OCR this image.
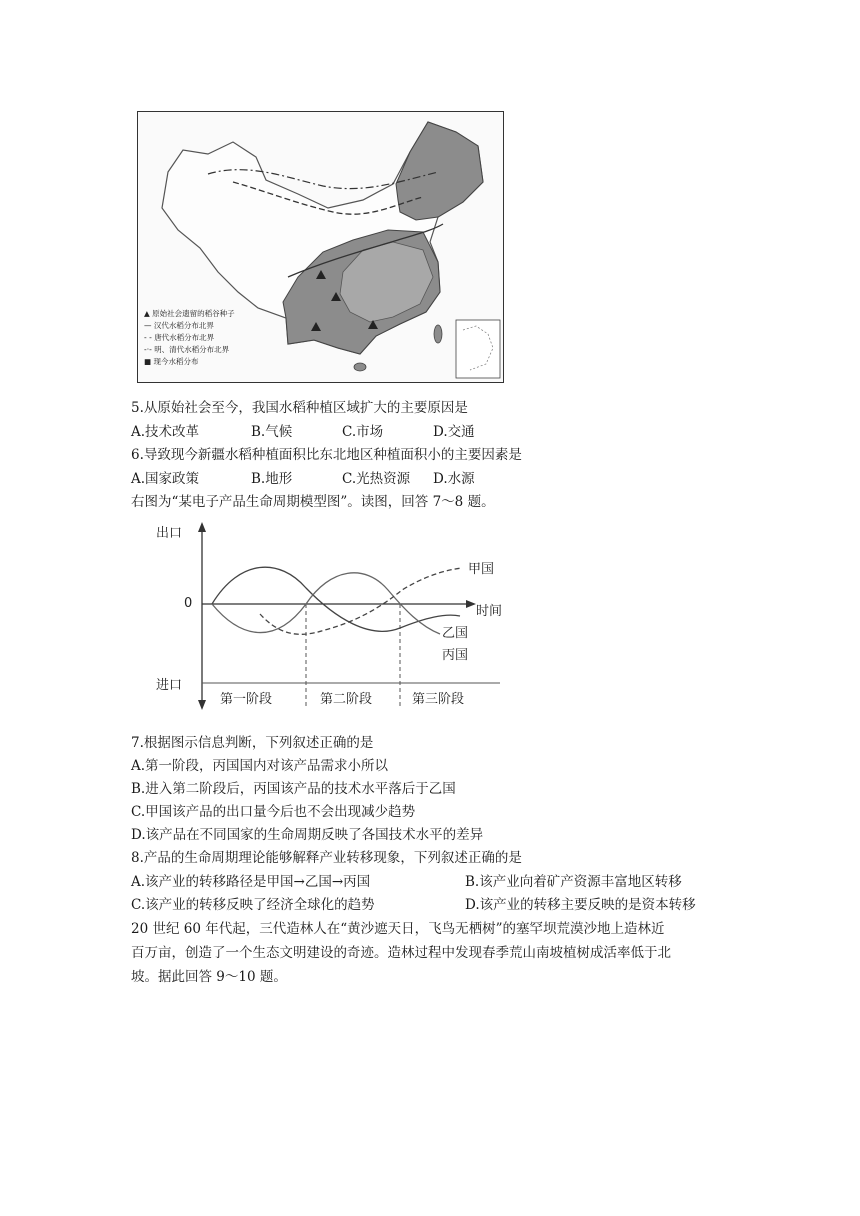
▲ 原始社会遗留的稻谷种子
— 汉代水稻分布北界
- - 唐代水稻分布北界
-·- 明、清代水稻分布北界
■ 现今水稻分布
5.从原始社会至今，我国水稻种植区域扩大的主要原因是
A.技术改革	B.气候	C.市场	D.交通
6.导致现今新疆水稻种植面积比东北地区种植面积小的主要因素是
A.国家政策	B.地形	C.光热资源 D.水源
右图为“某电子产品生命周期模型图”。读图，回答 7～8 题。
出口
进口
0
时间
甲国
乙国
丙国
第一阶段	第二阶段	第三阶段
7.根据图示信息判断，下列叙述正确的是
A.第一阶段，丙国国内对该产品需求小所以
B.进入第二阶段后，丙国该产品的技术水平落后于乙国
C.甲国该产品的出口量今后也不会出现减少趋势
D.该产品在不同国家的生命周期反映了各国技术水平的差异
8.产品的生命周期理论能够解释产业转移现象，下列叙述正确的是
A.该产业的转移路径是甲国→乙国→丙国	B.该产业向着矿产资源丰富地区转移
C.该产业的转移反映了经济全球化的趋势	D.该产业的转移主要反映的是资本转移
20 世纪 60 年代起，三代造林人在“黄沙遮天日，飞鸟无栖树”的塞罕坝荒漠沙地上造林近
百万亩，创造了一个生态文明建设的奇迹。造林过程中发现春季荒山南坡植树成活率低于北
坡。据此回答 9～10 题。
